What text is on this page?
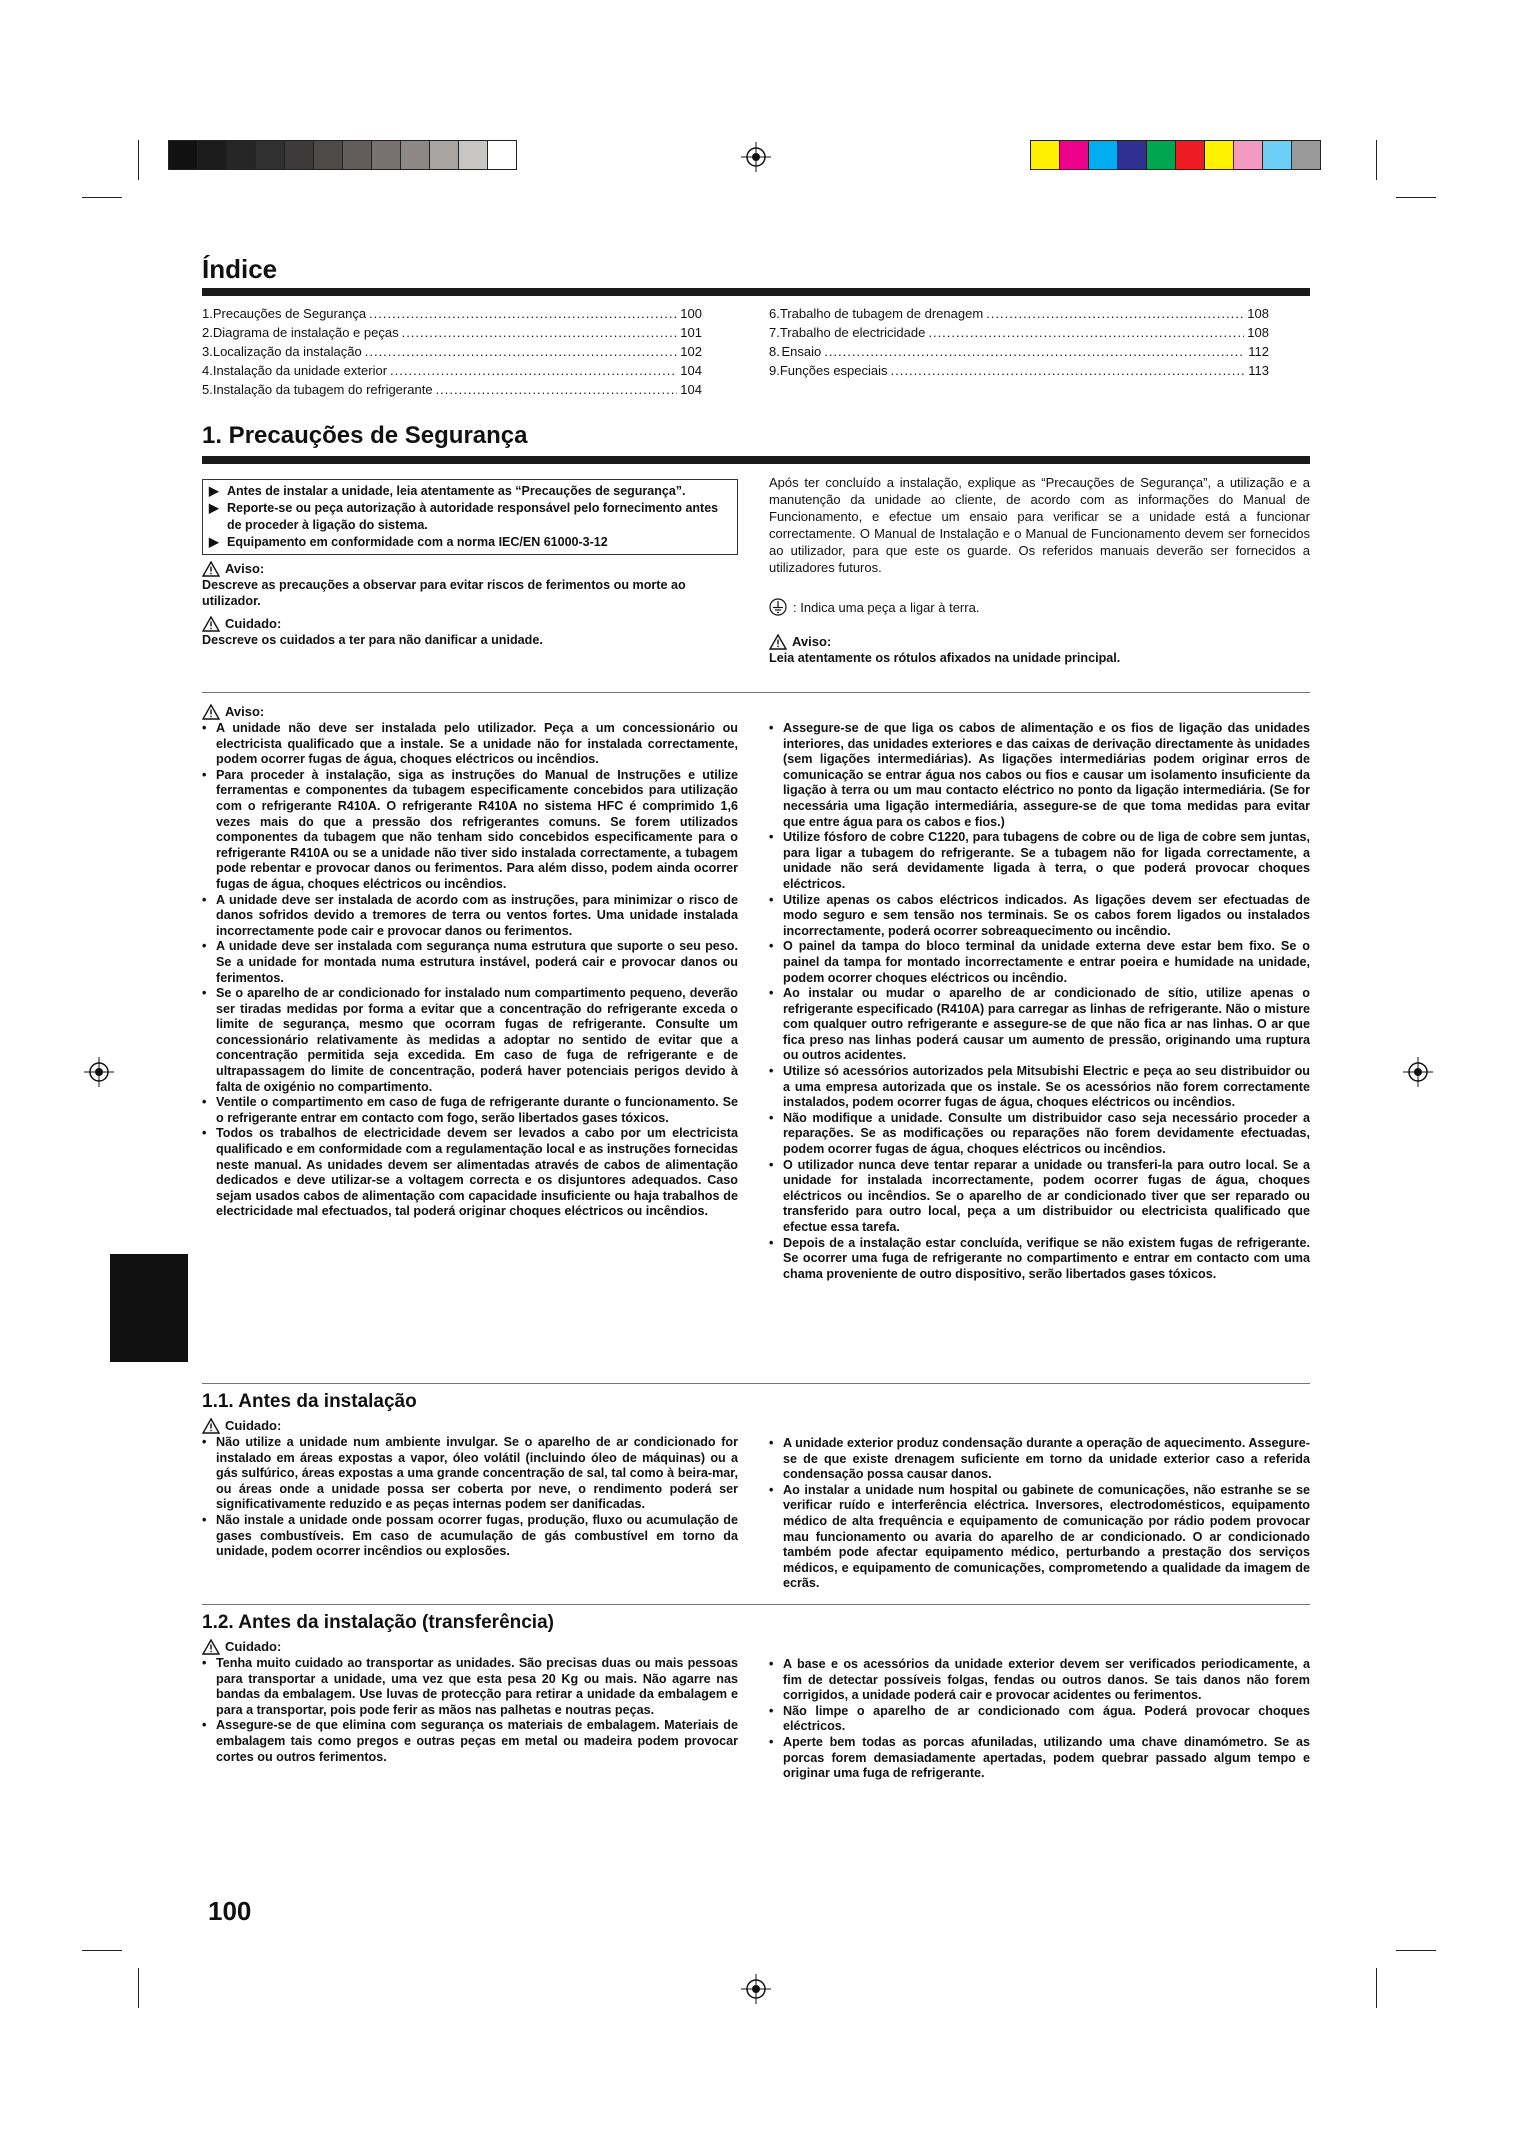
Índice
1. Precauções de Segurança .....	100
2. Diagrama de instalação e peças .....	101
3. Localização da instalação .....	102
4. Instalação da unidade exterior .....	104
5. Instalação da tubagem do refrigerante .....	104
6. Trabalho de tubagem de drenagem .....	108
7. Trabalho de electricidade .....	108
8. Ensaio .....	112
9. Funções especiais .....	113
1. Precauções de Segurança
▶ Antes de instalar a unidade, leia atentamente as “Precauções de segurança”.
▶ Reporte-se ou peça autorização à autoridade responsável pelo fornecimento antes de proceder à ligação do sistema.
▶ Equipamento em conformidade com a norma IEC/EN 61000-3-12
Aviso:

Descreve as precauções a observar para evitar riscos de ferimentos ou morte ao utilizador.

Cuidado:

Descreve os cuidados a ter para não danificar a unidade.

Após ter concluído a instalação, explique as “Precauções de Segurança”, a utilização e a manutenção da unidade ao cliente, de acordo com as informações do Manual de Funcionamento, e efectue um ensaio para verificar se a unidade está a funcionar correctamente. O Manual de Instalação e o Manual de Funcionamento devem ser fornecidos ao utilizador, para que este os guarde. Os referidos manuais deverão ser fornecidos a utilizadores futuros.

: Indica uma peça a ligar à terra.
Aviso:

Leia atentamente os rótulos afixados na unidade principal.

Aviso:
• A unidade não deve ser instalada pelo utilizador. Peça a um concessionário ou electricista qualificado que a instale. Se a unidade não for instalada correctamente, podem ocorrer fugas de água, choques eléctricos ou incêndios.
• Para proceder à instalação, siga as instruções do Manual de Instruções e utilize ferramentas e componentes da tubagem especificamente concebidos para utilização com o refrigerante R410A. O refrigerante R410A no sistema HFC é comprimido 1,6 vezes mais do que a pressão dos refrigerantes comuns. Se forem utilizados componentes da tubagem que não tenham sido concebidos especificamente para o refrigerante R410A ou se a unidade não tiver sido instalada correctamente, a tubagem pode rebentar e provocar danos ou ferimentos. Para além disso, podem ainda ocorrer fugas de água, choques eléctricos ou incêndios.
• A unidade deve ser instalada de acordo com as instruções, para minimizar o risco de danos sofridos devido a tremores de terra ou ventos fortes. Uma unidade instalada incorrectamente pode cair e provocar danos ou ferimentos.
• A unidade deve ser instalada com segurança numa estrutura que suporte o seu peso. Se a unidade for montada numa estrutura instável, poderá cair e provocar danos ou ferimentos.
• Se o aparelho de ar condicionado for instalado num compartimento pequeno, deverão ser tiradas medidas por forma a evitar que a concentração do refrigerante exceda o limite de segurança, mesmo que ocorram fugas de refrigerante. Consulte um concessionário relativamente às medidas a adoptar no sentido de evitar que a concentração permitida seja excedida. Em caso de fuga de refrigerante e de ultrapassagem do limite de concentração, poderá haver potenciais perigos devido à falta de oxigénio no compartimento.
• Ventile o compartimento em caso de fuga de refrigerante durante o funcionamento. Se o refrigerante entrar em contacto com fogo, serão libertados gases tóxicos.
• Todos os trabalhos de electricidade devem ser levados a cabo por um electricista qualificado e em conformidade com a regulamentação local e as instruções fornecidas neste manual. As unidades devem ser alimentadas através de cabos de alimentação dedicados e deve utilizar-se a voltagem correcta e os disjuntores adequados. Caso sejam usados cabos de alimentação com capacidade insuficiente ou haja trabalhos de electricidade mal efectuados, tal poderá originar choques eléctricos ou incêndios.
• Assegure-se de que liga os cabos de alimentação e os fios de ligação das unidades interiores, das unidades exteriores e das caixas de derivação directamente às unidades (sem ligações intermediárias). As ligações intermediárias podem originar erros de comunicação se entrar água nos cabos ou fios e causar um isolamento insuficiente da ligação à terra ou um mau contacto eléctrico no ponto da ligação intermediária. (Se for necessária uma ligação intermediária, assegure-se de que toma medidas para evitar que entre água para os cabos e fios.)
• Utilize fósforo de cobre C1220, para tubagens de cobre ou de liga de cobre sem juntas, para ligar a tubagem do refrigerante. Se a tubagem não for ligada correctamente, a unidade não será devidamente ligada à terra, o que poderá provocar choques eléctricos.
• Utilize apenas os cabos eléctricos indicados. As ligações devem ser efectuadas de modo seguro e sem tensão nos terminais. Se os cabos forem ligados ou instalados incorrectamente, poderá ocorrer sobreaquecimento ou incêndio.
• O painel da tampa do bloco terminal da unidade externa deve estar bem fixo. Se o painel da tampa for montado incorrectamente e entrar poeira e humidade na unidade, podem ocorrer choques eléctricos ou incêndio.
• Ao instalar ou mudar o aparelho de ar condicionado de sítio, utilize apenas o refrigerante especificado (R410A) para carregar as linhas de refrigerante. Não o misture com qualquer outro refrigerante e assegure-se de que não fica ar nas linhas. O ar que fica preso nas linhas poderá causar um aumento de pressão, originando uma ruptura ou outros acidentes.
• Utilize só acessórios autorizados pela Mitsubishi Electric e peça ao seu distribuidor ou a uma empresa autorizada que os instale. Se os acessórios não forem correctamente instalados, podem ocorrer fugas de água, choques eléctricos ou incêndios.
• Não modifique a unidade. Consulte um distribuidor caso seja necessário proceder a reparações. Se as modificações ou reparações não forem devidamente efectuadas, podem ocorrer fugas de água, choques eléctricos ou incêndios.
• O utilizador nunca deve tentar reparar a unidade ou transferi-la para outro local. Se a unidade for instalada incorrectamente, podem ocorrer fugas de água, choques eléctricos ou incêndios. Se o aparelho de ar condicionado tiver que ser reparado ou transferido para outro local, peça a um distribuidor ou electricista qualificado que efectue essa tarefa.
• Depois de a instalação estar concluída, verifique se não existem fugas de refrigerante. Se ocorrer uma fuga de refrigerante no compartimento e entrar em contacto com uma chama proveniente de outro dispositivo, serão libertados gases tóxicos.
1.1. Antes da instalação
Cuidado:
• Não utilize a unidade num ambiente invulgar. Se o aparelho de ar condicionado for instalado em áreas expostas a vapor, óleo volátil (incluindo óleo de máquinas) ou a gás sulfúrico, áreas expostas a uma grande concentração de sal, tal como à beira-mar, ou áreas onde a unidade possa ser coberta por neve, o rendimento poderá ser significativamente reduzido e as peças internas podem ser danificadas.
• Não instale a unidade onde possam ocorrer fugas, produção, fluxo ou acumulação de gases combustíveis. Em caso de acumulação de gás combustível em torno da unidade, podem ocorrer incêndios ou explosões.
• A unidade exterior produz condensação durante a operação de aquecimento. Assegure-se de que existe drenagem suficiente em torno da unidade exterior caso a referida condensação possa causar danos.
• Ao instalar a unidade num hospital ou gabinete de comunicações, não estranhe se se verificar ruído e interferência eléctrica. Inversores, electrodomésticos, equipamento médico de alta frequência e equipamento de comunicação por rádio podem provocar mau funcionamento ou avaria do aparelho de ar condicionado. O ar condicionado também pode afectar equipamento médico, perturbando a prestação dos serviços médicos, e equipamento de comunicações, comprometendo a qualidade da imagem de ecrãs.
1.2. Antes da instalação (transferência)
Cuidado:
• Tenha muito cuidado ao transportar as unidades. São precisas duas ou mais pessoas para transportar a unidade, uma vez que esta pesa 20 Kg ou mais. Não agarre nas bandas da embalagem. Use luvas de protecção para retirar a unidade da embalagem e para a transportar, pois pode ferir as mãos nas palhetas e noutras peças.
• Assegure-se de que elimina com segurança os materiais de embalagem. Materiais de embalagem tais como pregos e outras peças em metal ou madeira podem provocar cortes ou outros ferimentos.
• A base e os acessórios da unidade exterior devem ser verificados periodicamente, a fim de detectar possíveis folgas, fendas ou outros danos. Se tais danos não forem corrigidos, a unidade poderá cair e provocar acidentes ou ferimentos.
• Não limpe o aparelho de ar condicionado com água. Poderá provocar choques eléctricos.
• Aperte bem todas as porcas afuniladas, utilizando uma chave dinamómetro. Se as porcas forem demasiadamente apertadas, podem quebrar passado algum tempo e originar uma fuga de refrigerante.

100
